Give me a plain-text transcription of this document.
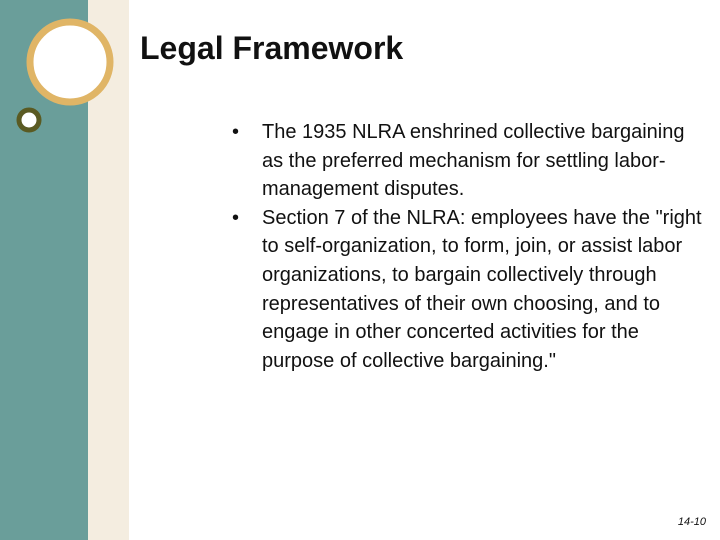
Legal Framework
• The 1935 NLRA enshrined collective bargaining as the preferred mechanism for settling labor-management disputes.
• Section 7 of the NLRA: employees have the "right to self-organization, to form, join, or assist labor organizations, to bargain collectively through representatives of their own choosing, and to engage in other concerted activities for the purpose of collective bargaining."
14-10
